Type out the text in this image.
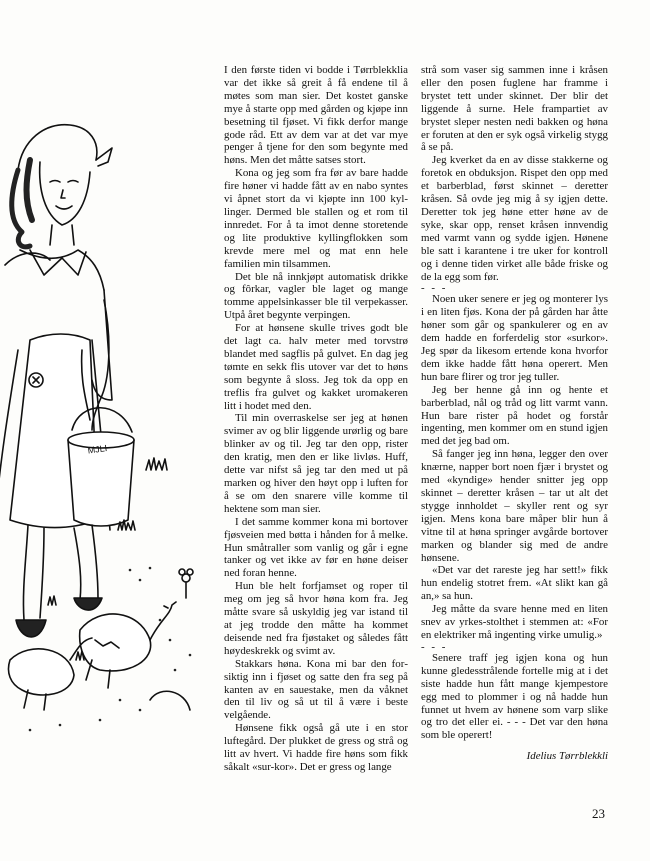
MJLI

I den første tiden vi bodde i Tørrblekklia var det ikke så greit å få endene til å møtes som man sier. Det kostet ganske mye å starte opp med gården og kjøpe inn besetning til fjøset. Vi fikk derfor mange gode råd. Ett av dem var at det var mye penger å tjene for den som begynte med høns. Men det måtte satses stort.

Kona og jeg som fra før av bare hadde fire høner vi hadde fått av en nabo syntes vi åpnet stort da vi kjøpte inn 100 kyllinger. Dermed ble stallen og et rom til innredet. For å ta imot denne storetende og lite produktive kyllingflokken som krevde mere mel og mat enn hele familien min tilsammen.

Det ble nå innkjøpt automatisk drikke og fôrkar, vagler ble laget og mange tomme appelsinkasser ble til verpekasser. Utpå året begynte verpingen.

For at hønsene skulle trives godt ble det lagt ca. halv meter med torvstrø blandet med sagflis på gulvet. En dag jeg tømte en sekk flis utover var det to høns som begynte å sloss. Jeg tok da opp en treflis fra gulvet og kakket uromakeren litt i hodet med den.

Til min overraskelse ser jeg at hønen svimer av og blir liggende urørlig og bare blinker av og til. Jeg tar den opp, rister den kratig, men den er like livløs. Huff, dette var nifst så jeg tar den med ut på marken og hiver den høyt opp i luften for å se om den snarere ville komme til hektene som man sier.

I det samme kommer kona mi bortover fjøsveien med bøtta i hånden for å melke. Hun småtraller som vanlig og går i egne tanker og vet ikke av før en høne deiser ned foran henne.

Hun ble helt forfjamset og roper til meg om jeg så hvor høna kom fra. Jeg måtte svare så uskyldig jeg var istand til at jeg trodde den måtte ha kommet deisende ned fra fjøstaket og således fått høydeskrekk og svimt av.

Stakkars høna. Kona mi bar den forsiktig inn i fjøset og satte den fra seg på kanten av en sauestake, men da våknet den til liv og så ut til å være i beste velgående.

Hønsene fikk også gå ute i en stor luftegård. Der plukket de gress og strå og litt av hvert. Vi hadde fire høns som fikk såkalt «sur-kor». Det er gress og lange

strå som vaser sig sammen inne i kråsen eller den posen fuglene har framme i brystet tett under skinnet. Der blir det liggende å surne. Hele frampartiet av brystet sleper nesten nedi bakken og høna er foruten at den er syk også virkelig stygg å se på.

Jeg kverket da en av disse stakkerne og foretok en obduksjon. Rispet den opp med et barberblad, først skinnet – deretter kråsen. Så ovde jeg mig å sy igjen dette. Deretter tok jeg høne etter høne av de syke, skar opp, renset kråsen innvendig med varmt vann og sydde igjen. Hønene ble satt i karantene i tre uker for kontroll og i denne tiden virket alle både friske og de la egg som før.

- - -

Noen uker senere er jeg og monterer lys i en liten fjøs. Kona der på gården har åtte høner som går og spankulerer og en av dem hadde en forferdelig stor «surkor». Jeg spør da likesom ertende kona hvorfor dem ikke hadde fått høna operert. Men hun bare flirer og tror jeg tuller.

Jeg ber henne gå inn og hente et barberblad, nål og tråd og litt varmt vann. Hun bare rister på hodet og forstår ingenting, men kommer om en stund igjen med det jeg bad om.

Så fanger jeg inn høna, legger den over knærne, napper bort noen fjær i brystet og med «kyndige» hender snitter jeg opp skinnet – deretter kråsen – tar ut alt det stygge innholdet – skyller rent og syr igjen. Mens kona bare måper blir hun å vitne til at høna springer avgårde bortover marken og blander sig med de andre hønsene.

«Det var det rareste jeg har sett!» fikk hun endelig stotret frem. «At slikt kan gå an,» sa hun.

Jeg måtte da svare henne med en liten snev av yrkes-stolthet i stemmen at: «For en elektriker må ingenting virke umulig.»

- - -

Senere traff jeg igjen kona og hun kunne gledesstrålende fortelle mig at i det siste hadde hun fått mange kjempestore egg med to plommer i og nå hadde hun funnet ut hvem av hønene som varp slike og tro det eller ei. - - - Det var den høna som ble operert!

Idelius Tørrblekkli

23
